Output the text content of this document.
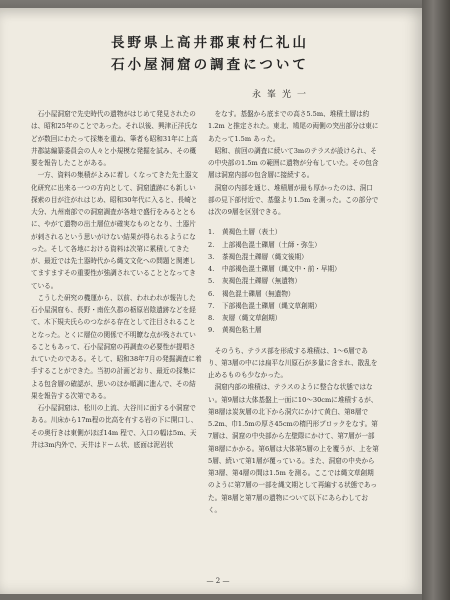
長野県上高井郡東村仁礼山
石小屋洞窟の調査について
永峯光一

石小屋洞窟で先史時代の遺物がはじめて発見されたのは、昭和25年のことであった。それ以後、興津正洋氏などが数回にわたって採集を重ね、筆者も昭和31年に上高井郡誌編纂委員会の人々と小規模な発掘を試み、その概要を報告したことがある。

一方、資料の集積がよみに着し くなってきた先土器文化研究に出来る一つの方向として、洞窟遺跡にも新しい探索の目が注がれはじめ、昭和30年代に入ると、長崎と大分、九州南部での洞窟調査が各地で盛行をみるとともに、やがて遺物の出土層位が確実なものとなり、土器片が刺されるという思いがけない結果が得られるようになった。そして各地における資料は次第に累積してきたが、最近では先土器時代から縄文文化への問題と関連してますますその重要性が強調されていることとなってきている。

こうした研究の機運から、以前、われわれが報告した石小屋洞窟も、長野・南佐久郡の栃原岩陰遺跡などを経て、木下規夫氏らのつながる存在として注目されることとなった。とくに層位の関係で不明瞭な点が残されていることもあって、石小屋洞窟の再調査の必要性が提唱されていたのである。そして、昭和38年7月の発掘調査に着手することができた。当初の計画どおり、最近の採集による包含層の確認が、思いのほか順調に進んで、その結果を報告する次第である。

石小屋洞窟は、松川の上流、大谷川に面する小洞窟である。川床から17m程の比高を有する岩の下に開口し、その奥行きは東側がほぼ14m 程で、入口の幅は5m、天井は3m内外で、天井はドーム状、底面は泥岩状

をなす。基盤から底までの高さ5.5m、堆積土層は約1.2m と推定された。東北、鳩尾の両側の突出部分は東にあたって1.5m あった。

昭和、前回の調査に続いて3mのテラスが設けられ、その中央部の1.5m の範囲に遺物が分布していた。その包含層は洞窟内部の包含層に接続する。

洞窟の内部を通じ、堆積層が最も厚かったのは、洞口部の見下部付近で、基盤より1.5m を測った。この部分では次の9層を区別できる。

1. 黄褐色土層（表土）
2. 上部褐色混土礫層（土師・弥生）
3. 茶褐色混土礫層（縄文後期）
4. 中部褐色混土礫層（縄文中・前・早期）
5. 灰褐色混土礫層（無遺物）
6. 褐色混土礫層（無遺物）
7. 下部褐色混土礫層（縄文草創期）
8. 灰層（縄文草創期）
9. 黄褐色粘土層

そのうち、テラス部を形成する堆積は、1〜6層であり、第3層の中には扁平な川原石が多量に含まれ、散乱を止めるものも少なかった。

洞窟内部の堆積は、テラスのように整合な状態ではない。第9層は大体基盤上一面に10〜30cmに堆積するが、第8層は炭灰層の北下から洞穴にかけて黄白、第8層で5.2m、巾1.5mの厚さ45cmの楕円形ブロックをなす。第7層は、洞窟の中央部から左壁際にかけて、第7層が一部第8層にかかる。第6層は大体第5層の上を覆うが、上を第5層、続いて第1層が覆っている。また、洞窟の中央から第3層、第4層の間は1.5m を測る。ここでは縄文草創期のように第7層の一部を縄文期として再編する状態であった。第8層と第7層の遺物について以下にあらわしておく。

— 2 —
